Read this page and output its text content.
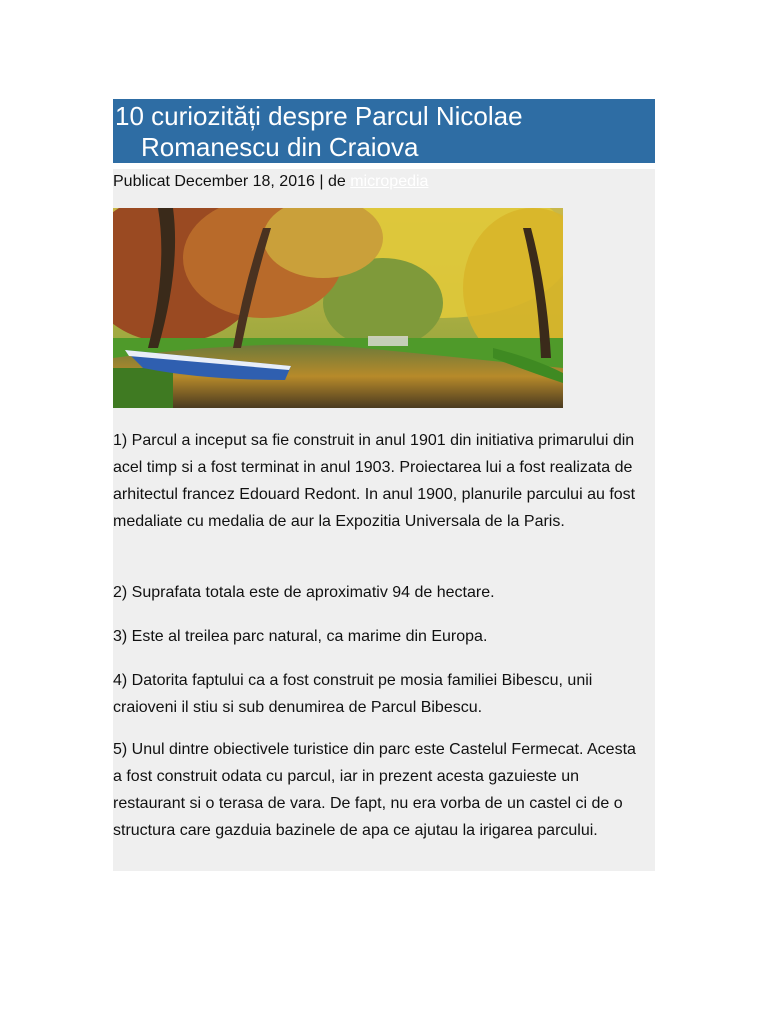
10 curiozități despre Parcul Nicolae
Romanescu din Craiova
Publicat December 18, 2016 | de micropedia

1) Parcul a inceput sa fie construit in anul 1901 din initiativa primarului din acel timp si a fost terminat in anul 1903. Proiectarea lui a fost realizata de arhitectul francez Edouard Redont. In anul 1900, planurile parcului au fost medaliate cu medalia de aur la Expozitia Universala de la Paris.

2) Suprafata totala este de aproximativ 94 de hectare.

3) Este al treilea parc natural, ca marime din Europa.

4) Datorita faptului ca a fost construit pe mosia familiei Bibescu, unii craioveni il stiu si sub denumirea de Parcul Bibescu.

5) Unul dintre obiectivele turistice din parc este Castelul Fermecat. Acesta a fost construit odata cu parcul, iar in prezent acesta gazuieste un restaurant si o terasa de vara. De fapt, nu era vorba de un castel ci de o structura care gazduia bazinele de apa ce ajutau la irigarea parcului.
